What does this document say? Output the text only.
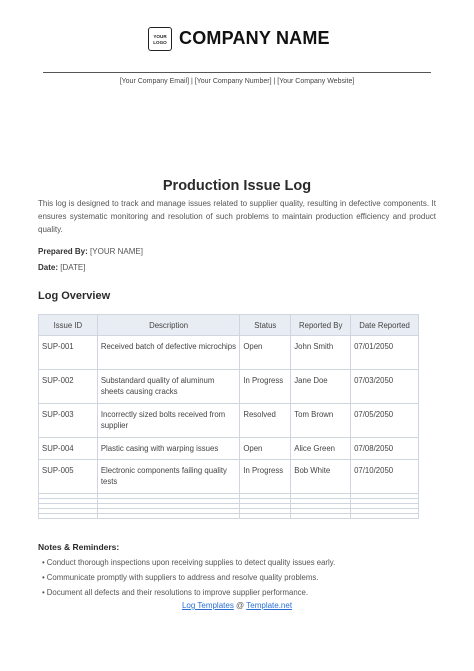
YOUR
LOGO COMPANY NAME
[Your Company Email] | [Your Company Number] | [Your Company Website]
Production Issue Log

This log is designed to track and manage issues related to supplier quality, resulting in defective components. It ensures systematic monitoring and resolution of such problems to maintain production efficiency and product quality.

Prepared By: [YOUR NAME]
Date: [DATE]
Log Overview
Issue ID	Description	Status	Reported By	Date Reported
SUP-001	Received batch of defective microchips	Open	John Smith	07/01/2050
SUP-002	Substandard quality of aluminum sheets causing cracks	In Progress	Jane Doe	07/03/2050
SUP-003	Incorrectly sized bolts received from supplier	Resolved	Tom Brown	07/05/2050
SUP-004	Plastic casing with warping issues	Open	Alice Green	07/08/2050
SUP-005	Electronic components failing quality tests	In Progress	Bob White	07/10/2050

Notes & Reminders:
• Conduct thorough inspections upon receiving supplies to detect quality issues early.
• Communicate promptly with suppliers to address and resolve quality problems.
• Document all defects and their resolutions to improve supplier performance.
Log Templates @ Template.net
